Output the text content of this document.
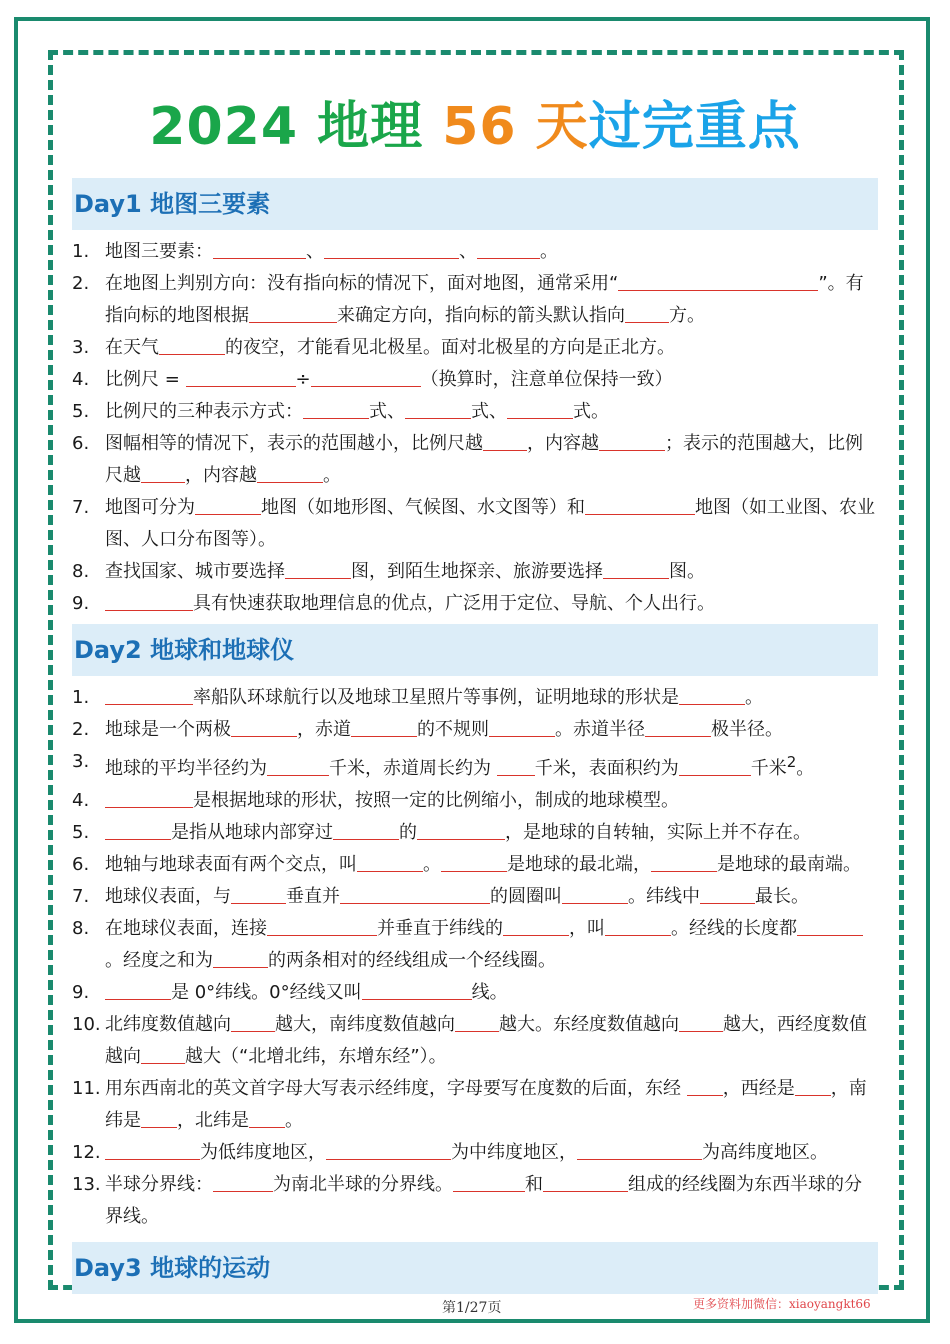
2024 地理 56 天过完重点
Day1 地图三要素
1. 地图三要素：	、	、	。
2. 在地图上判别方向：没有指向标的情况下，面对地图，通常采用“	”。有指向标的地图根据	来确定方向，指向标的箭头默认指向 方。
3. 在天气	的夜空，才能看见北极星。面对北极星的方向是正北方。
4. 比例尺 =	÷	（换算时，注意单位保持一致）
5. 比例尺的三种表示方式：	式、	式、	式。
6. 图幅相等的情况下，表示的范围越小，比例尺越 ，内容越	；表示的范围越大，比例尺越 ，内容越	。
7. 地图可分为	地图（如地形图、气候图、水文图等）和	地图（如工业图、农业图、人口分布图等）。
8. 查找国家、城市要选择	图，到陌生地探亲、旅游要选择	图。
9.	具有快速获取地理信息的优点，广泛用于定位、导航、个人出行。
Day2 地球和地球仪
1.	率船队环球航行以及地球卫星照片等事例，证明地球的形状是	。
2. 地球是一个两极	，赤道	的不规则	。赤道半径	极半径。
3. 地球的平均半径约为	千米，赤道周长约为 千米，表面积约为	千米$^2$。
4.	是根据地球的形状，按照一定的比例缩小，制成的地球模型。
5.	是指从地球内部穿过	的	，是地球的自转轴，实际上并不存在。
6. 地轴与地球表面有两个交点，叫	。	是地球的最北端，	是地球的最南端。
7. 地球仪表面，与	垂直并	的圆圈叫	。纬线中	最长。
8. 在地球仪表面，连接	并垂直于纬线的	，叫	。经线的长度都。经度之和为	的两条相对的经线组成一个经线圈。
9.	是 0°纬线。0°经线又叫	线。
10. 北纬度数值越向 越大，南纬度数值越向 越大。东经度数值越向 越大，西经度数值越向 越大（“北增北纬，东增东经”）。
11. 用东西南北的英文首字母大写表示经纬度，字母要写在度数的后面，东经 ，西经是 ，南纬是 ，北纬是 。
12.	为低纬度地区，	为中纬度地区，	为高纬度地区。
13. 半球分界线：	为南北半球的分界线。	和	组成的经线圈为东西半球的分界线。
Day3 地球的运动
第1/27页	更多资料加微信：xiaoyangkt66
